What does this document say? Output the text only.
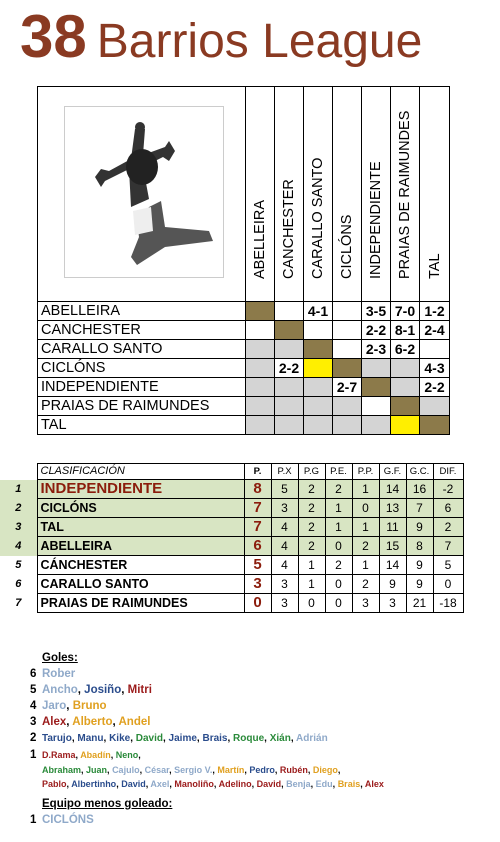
38 Barrios League

	ABELLEIRA	CANCHESTER	CARALLO SANTO	CICLÓNS	INDEPENDIENTE	PRAIAS DE RAIMUNDES	TAL

ABELLEIRA			4-1		3-5	7-0	1-2
CANCHESTER					2-2	8-1	2-4
CARALLO SANTO					2-3	6-2	
CICLÓNS		2-2					4-3
INDEPENDIENTE				2-7			2-2
PRAIAS DE RAIMUNDES							
TAL							
	CLASIFICACIÓN	P.	P.X	P.G	P.E.	P.P.	G.F.	G.C.	DIF.	
1	INDEPENDIENTE	8	5	2	2	1	14	16	-2	
2	CICLÓNS	7	3	2	1	0	13	7	6	
3	TAL	7	4	2	1	1	11	9	2	
4	ABELLEIRA	6	4	2	0	2	15	8	7	
5	CÁNCHESTER	5	4	1	2	1	14	9	5	
6	CARALLO SANTO	3	3	1	0	2	9	9	0	
7	PRAIAS DE RAIMUNDES	0	3	0	0	3	3	21	-18	
Goles:
6 Rober
5 Ancho, Josiño, Mitri
4 Jaro, Bruno
3 Alex, Alberto, Andel
2 Tarujo, Manu, Kike, David, Jaime, Brais, Roque, Xián, Adrián
1 D.Rama, Abadín, Neno,
Abraham, Juan, Cajulo, César, Sergio V., Martín, Pedro, Rubén, Diego,
Pablo, Albertinho, David, Axel, Manoliño, Adelino, David, Benja, Edu, Brais, Alex
Equipo menos goleado:
1 CICLÓNS
